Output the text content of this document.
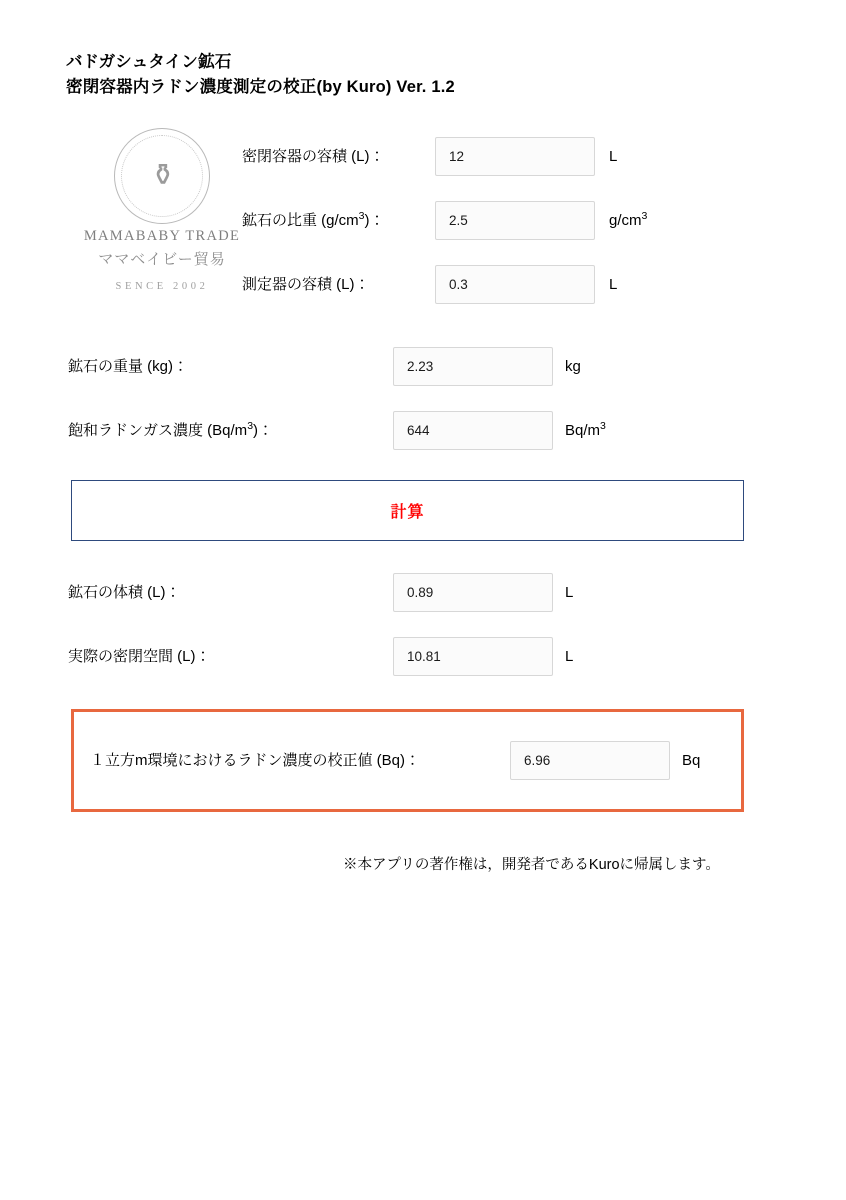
バドガシュタイン鉱石
密閉容器内ラドン濃度測定の校正(by Kuro) Ver. 1.2
⚱
MAMABABY TRADE
ママベイビー貿易
SENCE 2002
密閉容器の容積 (L)：	12	L
鉱石の比重 $(g/cm^3)$：	2.5	$g/cm^3$
測定器の容積 (L)：	0.3	L
鉱石の重量 (kg)：	2.23	kg
飽和ラドンガス濃度 $(Bq/m^3)$：	644	$Bq/m^3$
計算
鉱石の体積 (L)：	0.89	L
実際の密閉空間 (L)：	10.81	L
１立方m環境におけるラドン濃度の校正値 (Bq)：	6.96	Bq
※本アプリの著作権は，開発者であるKuroに帰属します。
